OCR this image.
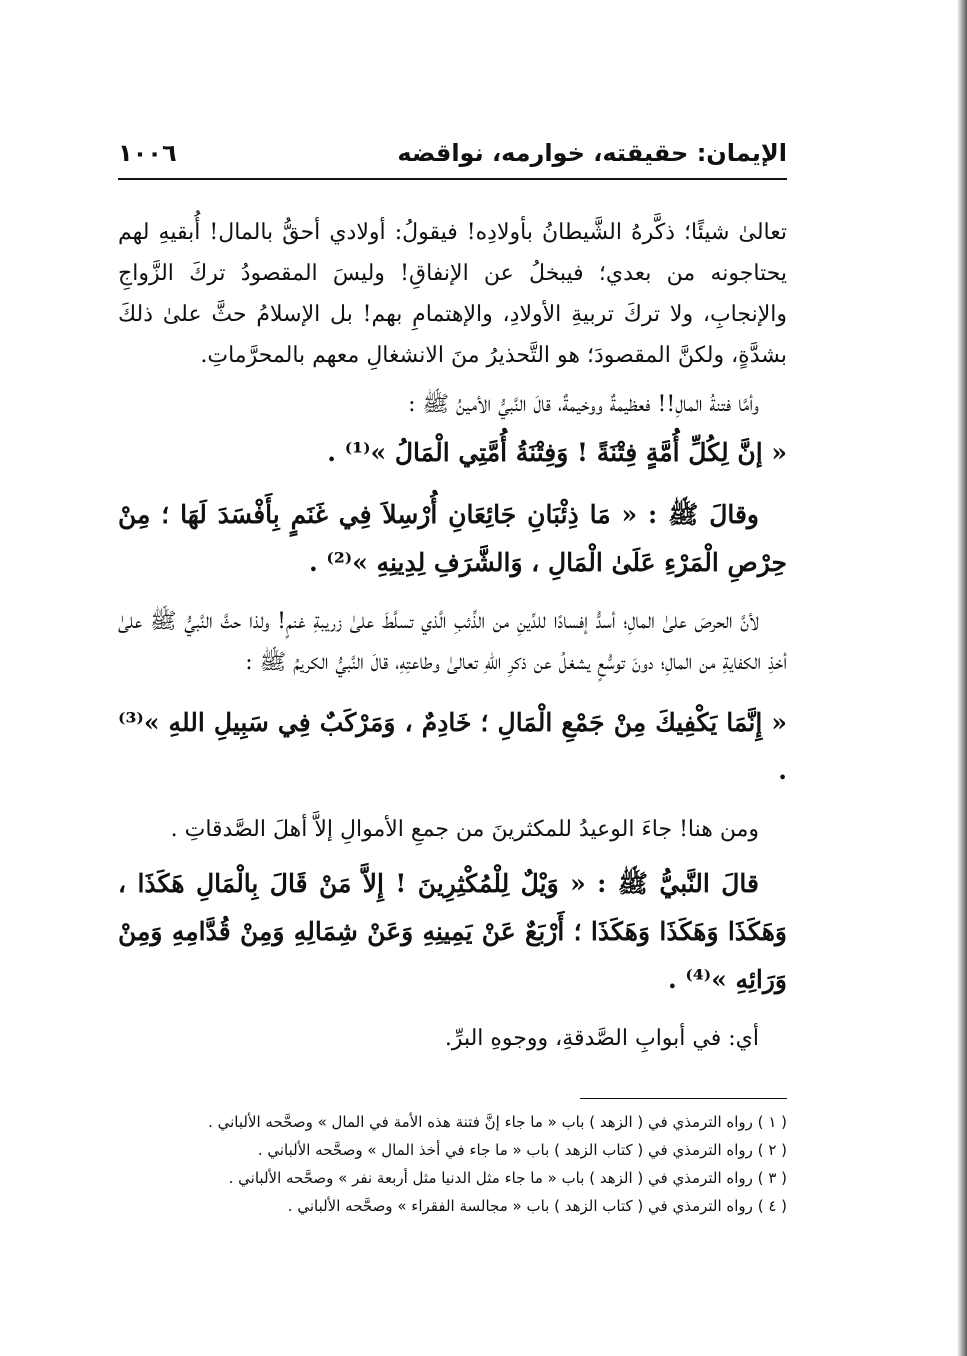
الإيمان: حقيقته، خوارمه، نواقضه
١٠٠٦

تعالىٰ شيئًا؛ ذكَّرهُ الشَّيطانُ بأولادِه! فيقولُ: أولادي أحقُّ بالمال! أُبقيهِ لهم يحتاجونه من بعدي؛ فيبخلُ عن الإنفاقِ! وليسَ المقصودُ تركَ الزَّواجِ والإنجابِ، ولا تركَ تربيةِ الأولادِ، والإهتمامِ بهم! بل الإسلامُ حثَّ علىٰ ذلكَ بشدَّةٍ، ولكنَّ المقصودَ؛ هو التَّحذيرُ منَ الانشغالِ معهم بالمحرَّماتِ.

وأمَّا فتنةُ المالِ!! فعظيمةٌ ووخيمةٌ، قالَ النَّبيُّ الأمينُ ﷺ :

« إنَّ لِكُلِّ أُمَّةٍ فِتْنَةً ! وَفِتْنَةُ أُمَّتِي الْمَالُ »⁽¹⁾ .

وقالَ ﷺ : « مَا ذِئْبَانِ جَائِعَانِ أُرْسِلاَ فِي غَنَمٍ بِأَفْسَدَ لَهَا ؛ مِنْ حِرْصِ الْمَرْءِ عَلَىٰ الْمَالِ ، وَالشَّرَفِ لِدِينِهِ »⁽²⁾ .

لأنَّ الحرصَ علىٰ المالِ؛ أسدُّ إفسادًا للدِّينِ من الذِّئبِ الَّذي تسلَّطَ علىٰ زريبةِ غنمٍ! ولذا حثَّ النَّبيُّ ﷺ علىٰ أخذِ الكفايةِ من المالِ؛ دونَ توسُّعٍ يشغلُ عن ذكرِ اللهِ تعالىٰ وطاعتِهِ، قالَ النَّبيُّ الكريمُ ﷺ :

« إِنَّمَا يَكْفِيكَ مِنْ جَمْعِ الْمَالِ ؛ خَادِمٌ ، وَمَرْكَبٌ فِي سَبِيلِ اللهِ »⁽³⁾ .

ومن هنا! جاءَ الوعيدُ للمكثرينَ من جمعِ الأموالِ إلاَّ أهلَ الصَّدقاتِ .

قالَ النَّبيُّ ﷺ : « وَيْلٌ لِلْمُكْثِرِينَ ! إِلاَّ مَنْ قَالَ بِالْمَالِ هَكَذَا ، وَهَكَذَا وَهَكَذَا وَهَكَذَا ؛ أَرْبَعٌ عَنْ يَمِينِهِ وَعَنْ شِمَالِهِ وَمِنْ قُدَّامِهِ وَمِنْ وَرَائِهِ »⁽⁴⁾ .

أي: في أبوابِ الصَّدقةِ، ووجوهِ البرِّ.

( ١ ) رواه الترمذي في ( الزهد ) باب « ما جاء إنَّ فتنة هذه الأمة في المال » وصحَّحه الألباني .
( ٢ ) رواه الترمذي في ( كتاب الزهد ) باب « ما جاء في أخذ المال » وصحَّحه الألباني .
( ٣ ) رواه الترمذي في ( الزهد ) باب « ما جاء مثل الدنيا مثل أربعة نفر » وصحَّحه الألباني .
( ٤ ) رواه الترمذي في ( كتاب الزهد ) باب « مجالسة الفقراء » وصحَّحه الألباني .
